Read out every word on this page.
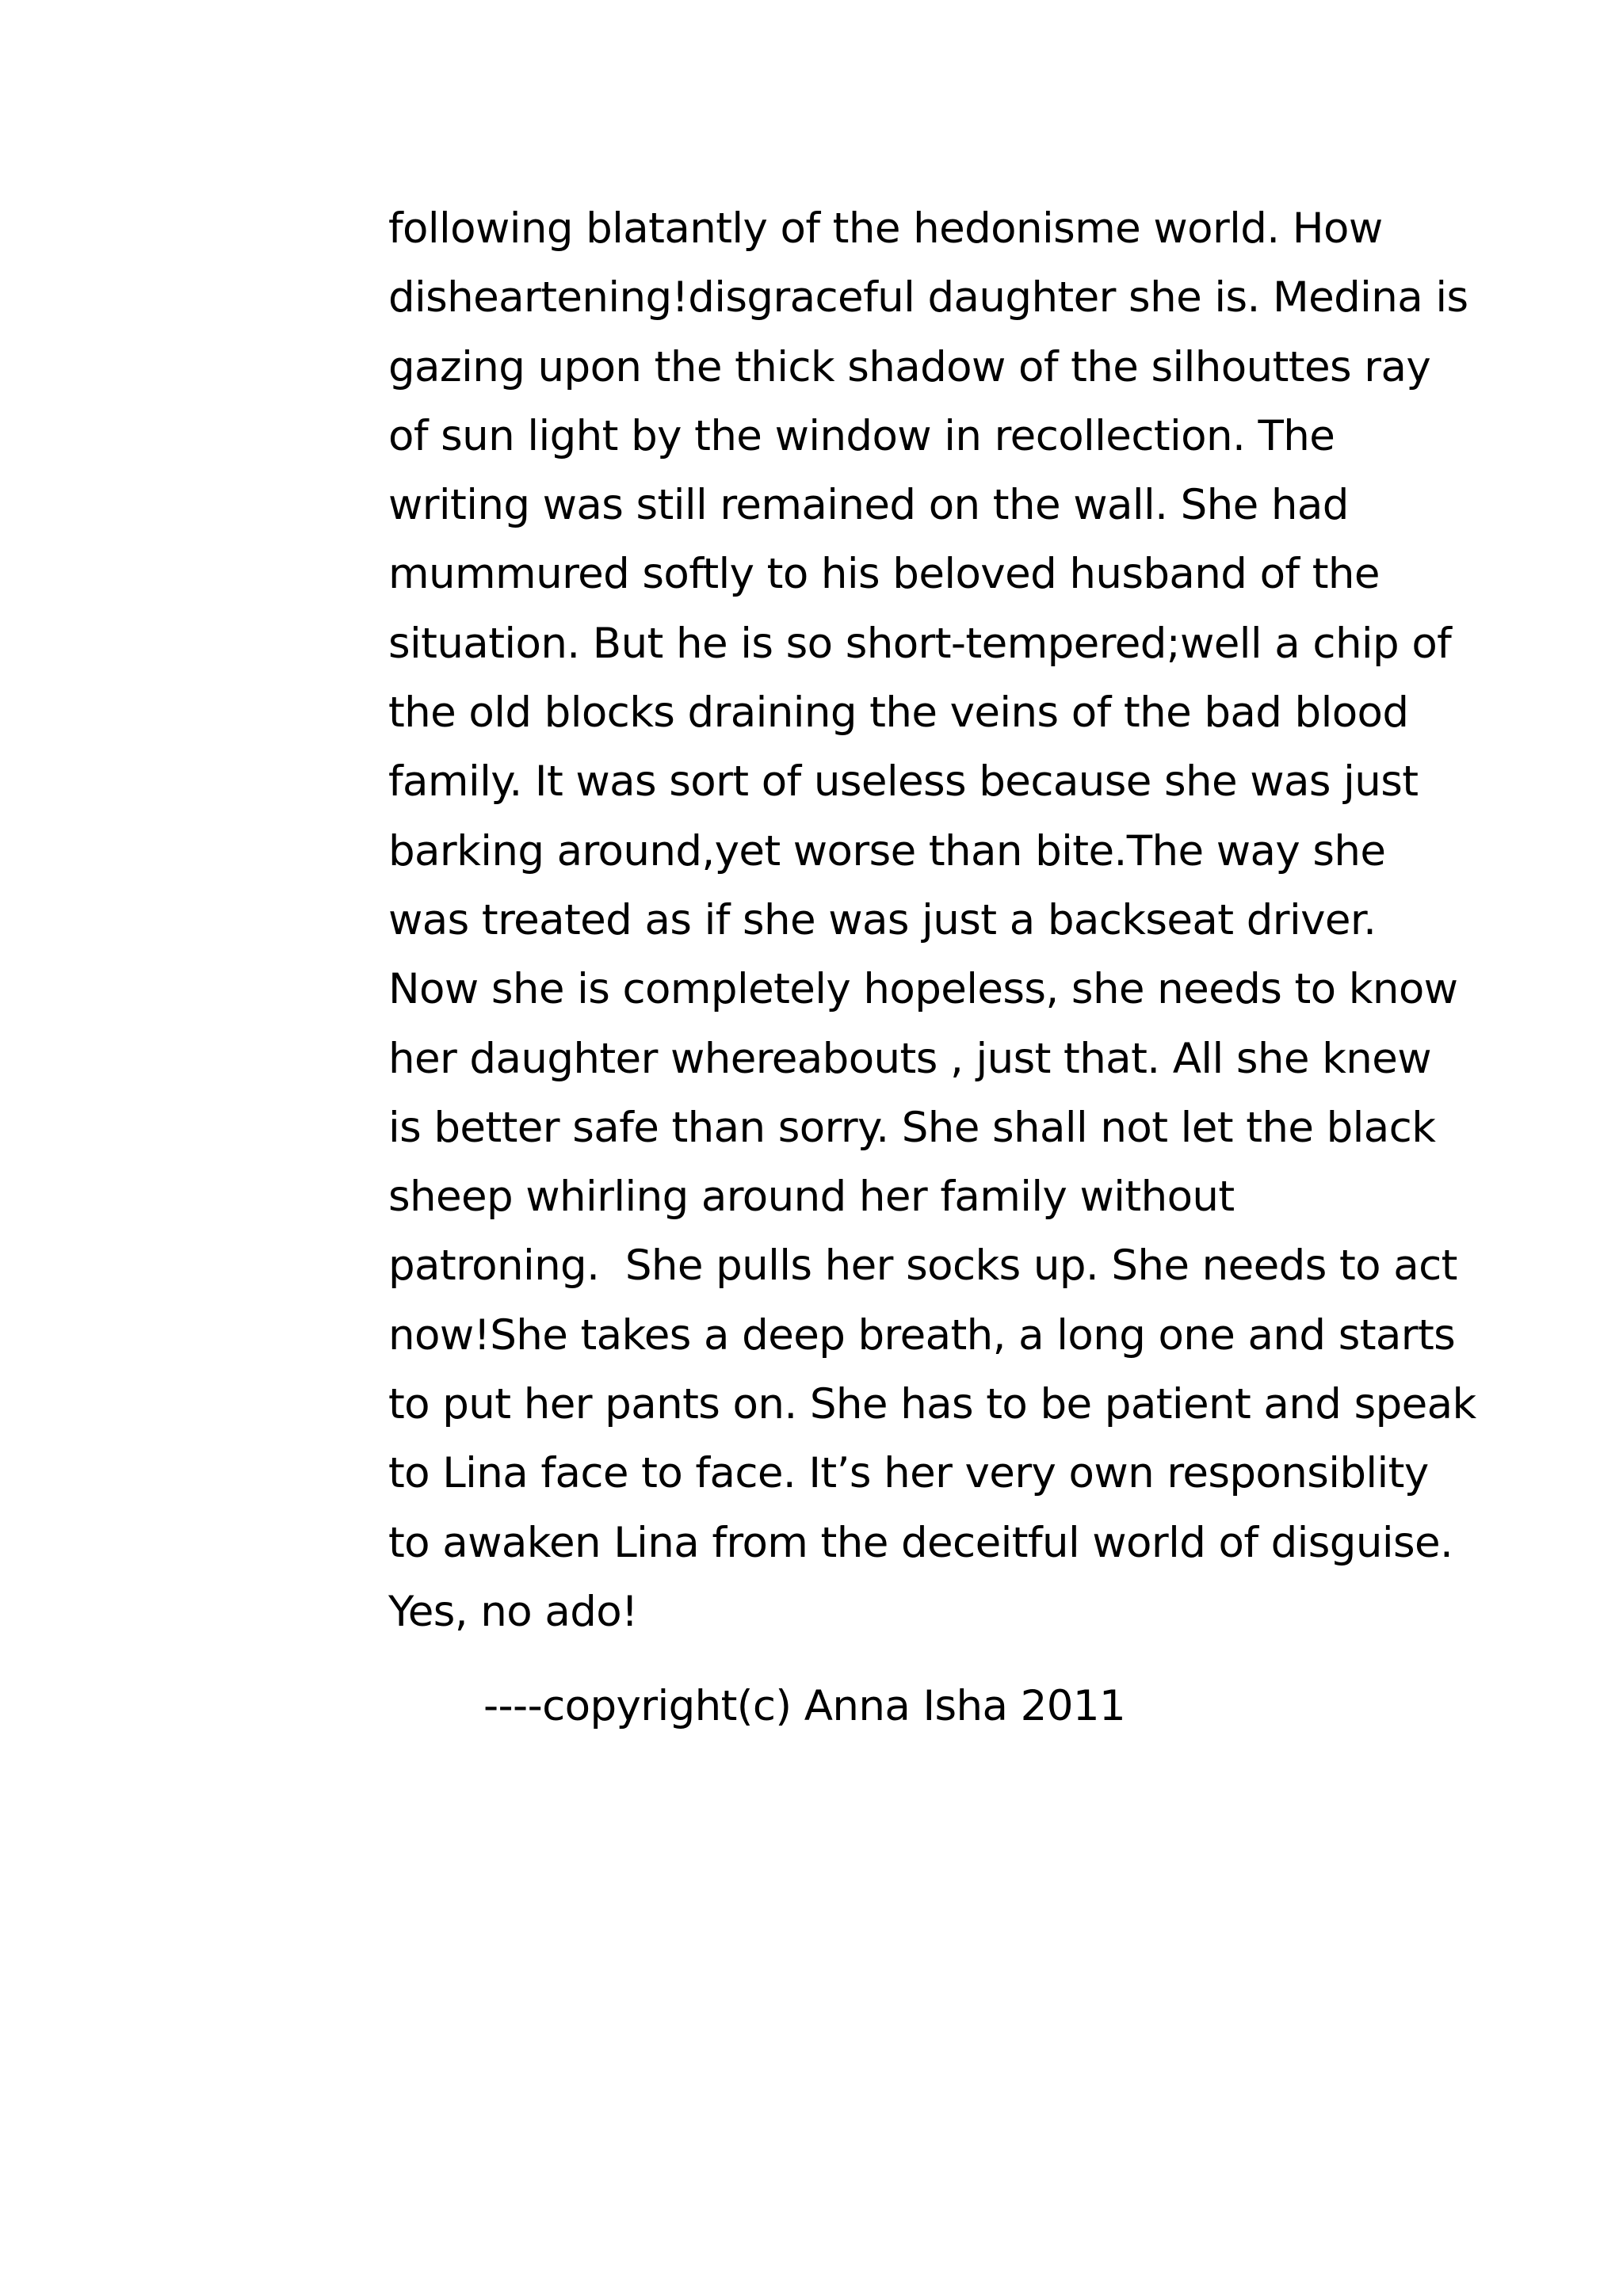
following blatantly of the hedonisme world. How
disheartening!disgraceful daughter she is. Medina is
gazing upon the thick shadow of the silhouttes ray
of sun light by the window in recollection. The
writing was still remained on the wall. She had
mummured softly to his beloved husband of the
situation. But he is so short-tempered;well a chip of
the old blocks draining the veins of the bad blood
family. It was sort of useless because she was just
barking around,yet worse than bite.The way she
was treated as if she was just a backseat driver.
Now she is completely hopeless, she needs to know
her daughter whereabouts , just that. All she knew
is better safe than sorry. She shall not let the black
sheep whirling around her family without
patroning.  She pulls her socks up. She needs to act
now!She takes a deep breath, a long one and starts
to put her pants on. She has to be patient and speak
to Lina face to face. It’s her very own responsiblity
to awaken Lina from the deceitful world of disguise.
Yes, no ado!
----copyright(c) Anna Isha 2011
